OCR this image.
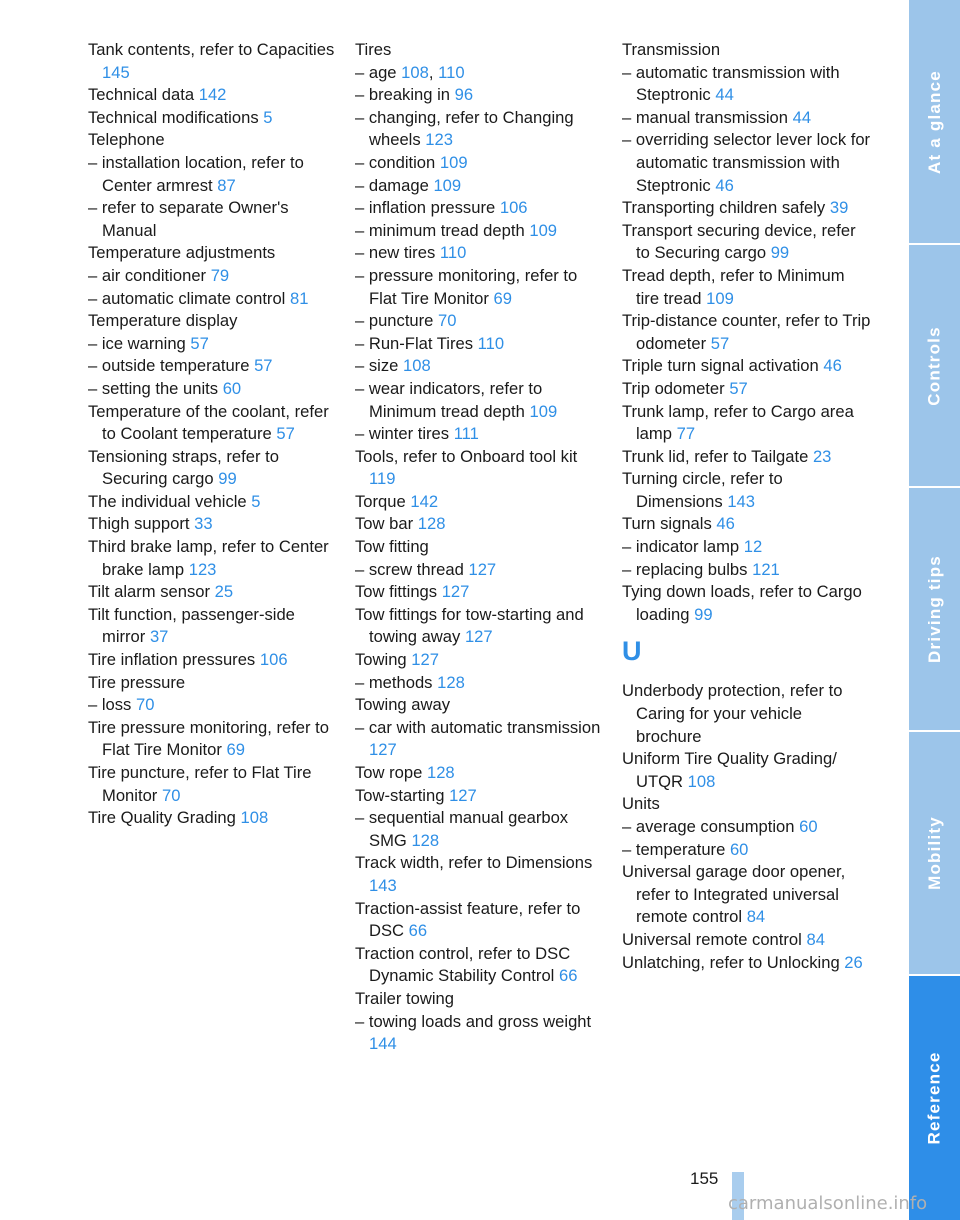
Tank contents, refer to Capacities 145
Technical data 142
Technical modifications 5
Telephone
– installation location, refer to Center armrest 87
– refer to separate Owner's Manual
Temperature adjustments
– air conditioner 79
– automatic climate control 81
Temperature display
– ice warning 57
– outside temperature 57
– setting the units 60
Temperature of the coolant, refer to Coolant temperature 57
Tensioning straps, refer to Securing cargo 99
The individual vehicle 5
Thigh support 33
Third brake lamp, refer to Center brake lamp 123
Tilt alarm sensor 25
Tilt function, passenger-side mirror 37
Tire inflation pressures 106
Tire pressure
– loss 70
Tire pressure monitoring, refer to Flat Tire Monitor 69
Tire puncture, refer to Flat Tire Monitor 70
Tire Quality Grading 108
Tires
– age 108, 110
– breaking in 96
– changing, refer to Changing wheels 123
– condition 109
– damage 109
– inflation pressure 106
– minimum tread depth 109
– new tires 110
– pressure monitoring, refer to Flat Tire Monitor 69
– puncture 70
– Run-Flat Tires 110
– size 108
– wear indicators, refer to Minimum tread depth 109
– winter tires 111
Tools, refer to Onboard tool kit 119
Torque 142
Tow bar 128
Tow fitting
– screw thread 127
Tow fittings 127
Tow fittings for tow-starting and towing away 127
Towing 127
– methods 128
Towing away
– car with automatic transmission 127
Tow rope 128
Tow-starting 127
– sequential manual gearbox SMG 128
Track width, refer to Dimensions 143
Traction-assist feature, refer to DSC 66
Traction control, refer to DSC Dynamic Stability Control 66
Trailer towing
– towing loads and gross weight 144
Transmission
– automatic transmission with Steptronic 44
– manual transmission 44
– overriding selector lever lock for automatic transmission with Steptronic 46
Transporting children safely 39
Transport securing device, refer to Securing cargo 99
Tread depth, refer to Minimum tire tread 109
Trip-distance counter, refer to Trip odometer 57
Triple turn signal activation 46
Trip odometer 57
Trunk lamp, refer to Cargo area lamp 77
Trunk lid, refer to Tailgate 23
Turning circle, refer to Dimensions 143
Turn signals 46
– indicator lamp 12
– replacing bulbs 121
Tying down loads, refer to Cargo loading 99
U
Underbody protection, refer to Caring for your vehicle brochure
Uniform Tire Quality Grading/ UTQR 108
Units
– average consumption 60
– temperature 60
Universal garage door opener, refer to Integrated universal remote control 84
Universal remote control 84
Unlatching, refer to Unlocking 26
At a glance
Controls
Driving tips
Mobility
Reference
155
carmanualsonline.info
